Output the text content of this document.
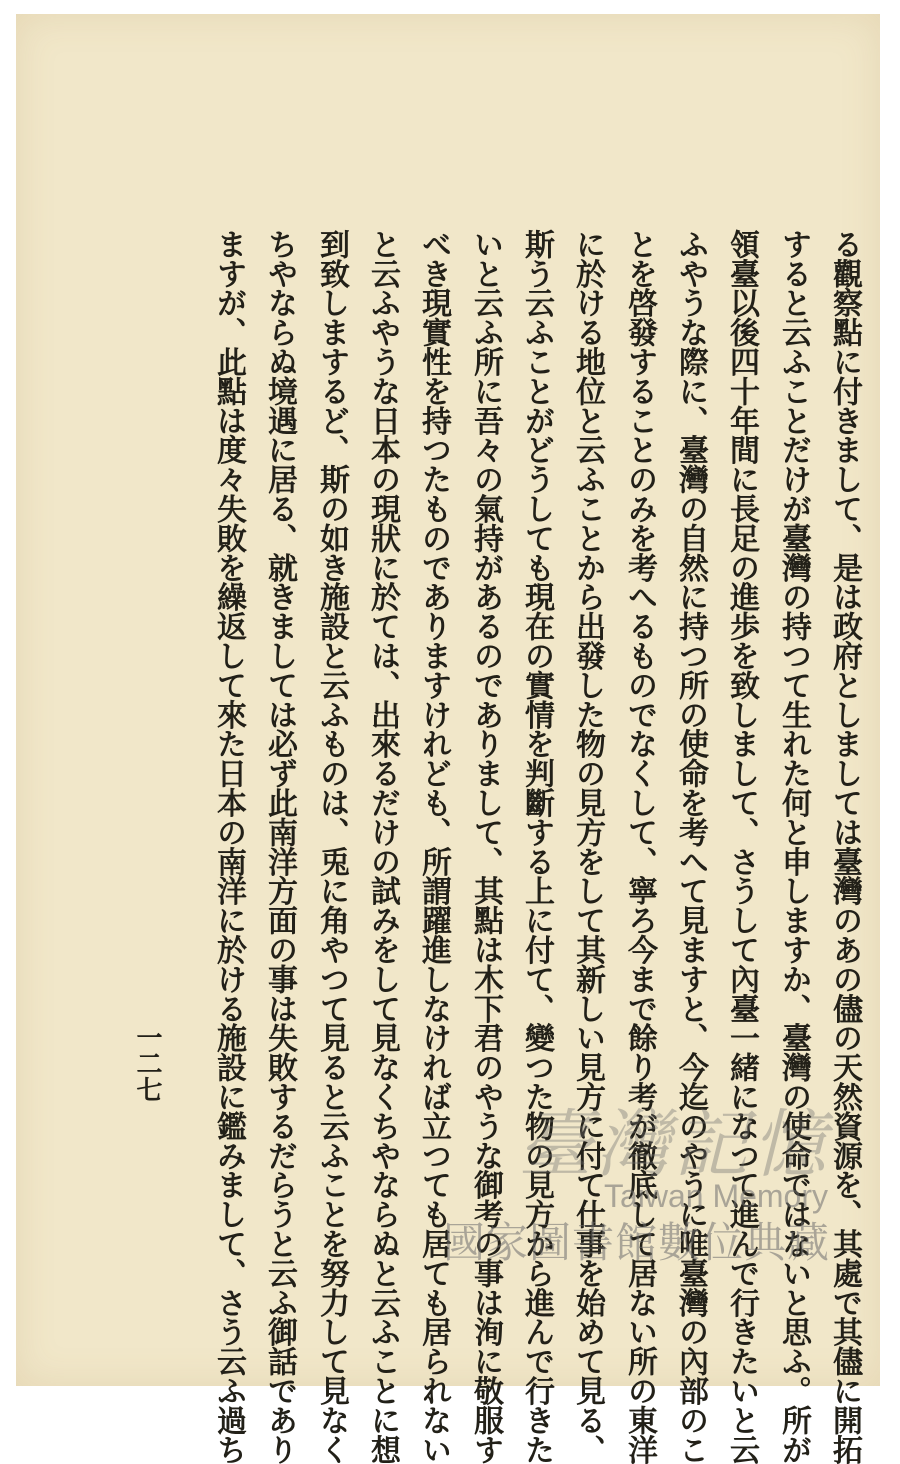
る觀察點に付きまして、是は政府としましては臺灣のあの儘の天然資源を、其處で其儘に開拓
すると云ふことだけが臺灣の持つて生れた何と申しますか、臺灣の使命ではないと思ふ。所が
領臺以後四十年間に長足の進歩を致しまして、さうして內臺一緒になつて進んで行きたいと云
ふやうな際に、臺灣の自然に持つ所の使命を考へて見ますと、今迄のやうに唯臺灣の內部のこ
とを啓發することのみを考へるものでなくして、寧ろ今まで餘り考が徹底して居ない所の東洋
に於ける地位と云ふことから出發した物の見方をして其新しい見方に付て仕事を始めて見る、
斯う云ふことがどうしても現在の實情を判斷する上に付て、變つた物の見方から進んで行きた
いと云ふ所に吾々の氣持があるのでありまして、其點は木下君のやうな御考の事は洵に敬服す
べき現實性を持つたものでありますけれども、所謂躍進しなければ立つても居ても居られない
と云ふやうな日本の現狀に於ては、出來るだけの試みをして見なくちやならぬと云ふことに想
到致しまするど、斯の如き施設と云ふものは、兎に角やつて見ると云ふことを努力して見なく
ちやならぬ境遇に居る、就きましては必ず此南洋方面の事は失敗するだらうと云ふ御話であり
ますが、此點は度々失敗を繰返して來た日本の南洋に於ける施設に鑑みまして、さう云ふ過ち
一二七
臺灣記憶
Taiwan Memory
國家圖書館數位典藏
